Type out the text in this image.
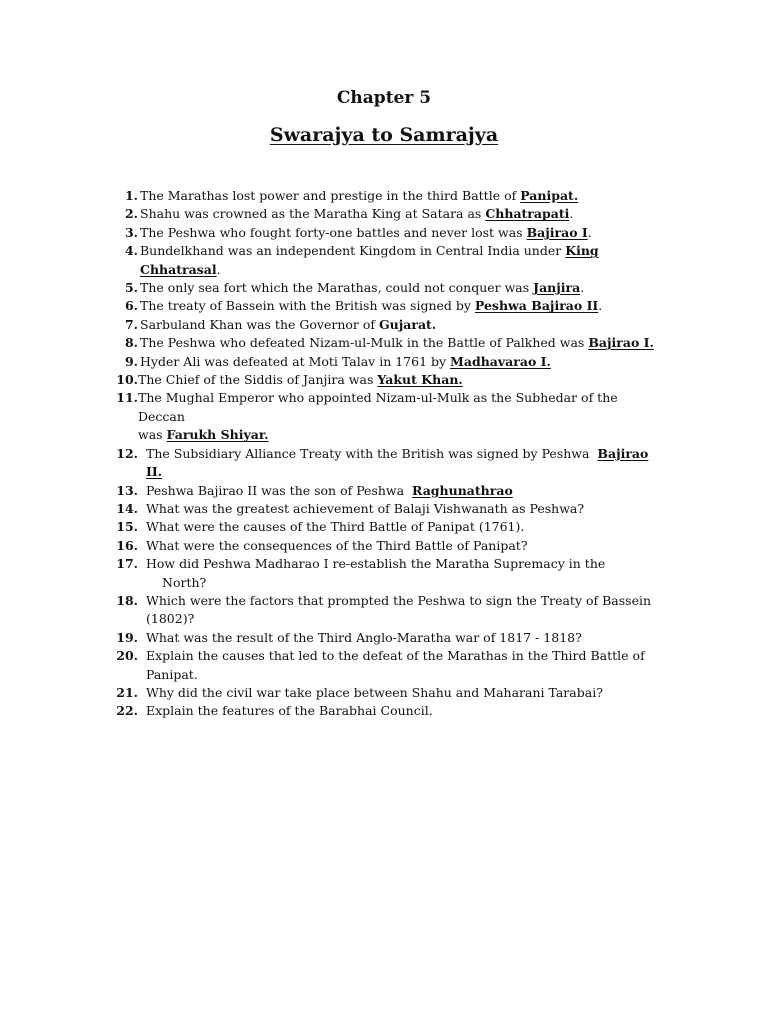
Chapter 5
Swarajya to Samrajya
1. The Marathas lost power and prestige in the third Battle of Panipat.
2. Shahu was crowned as the Maratha King at Satara as Chhatrapati.
3. The Peshwa who fought forty-one battles and never lost was Bajirao I.
4. Bundelkhand was an independent Kingdom in Central India under King Chhatrasal.
5. The only sea fort which the Marathas, could not conquer was Janjira.
6. The treaty of Bassein with the British was signed by Peshwa Bajirao II.
7. Sarbuland Khan was the Governor of Gujarat.
8. The Peshwa who defeated Nizam-ul-Mulk in the Battle of Palkhed was Bajirao I.
9. Hyder Ali was defeated at Moti Talav in 1761 by Madhavarao I.
10. The Chief of the Siddis of Janjira was Yakut Khan.
11. The Mughal Emperor who appointed Nizam-ul-Mulk as the Subhedar of the Deccan
was Farukh Shiyar.
12. The Subsidiary Alliance Treaty with the British was signed by Peshwa  Bajirao II.
13. Peshwa Bajirao II was the son of Peshwa  Raghunathrao
14. What was the greatest achievement of Balaji Vishwanath as Peshwa?
15. What were the causes of the Third Battle of Panipat (1761).
16. What were the consequences of the Third Battle of Panipat?
17. How did Peshwa Madharao I re-establish the Maratha Supremacy in the
North?
18. Which were the factors that prompted the Peshwa to sign the Treaty of Bassein
(1802)?
19. What was the result of the Third Anglo-Maratha war of 1817 - 1818?
20. Explain the causes that led to the defeat of the Marathas in the Third Battle of
Panipat.
21. Why did the civil war take place between Shahu and Maharani Tarabai?
22. Explain the features of the Barabhai Council.
